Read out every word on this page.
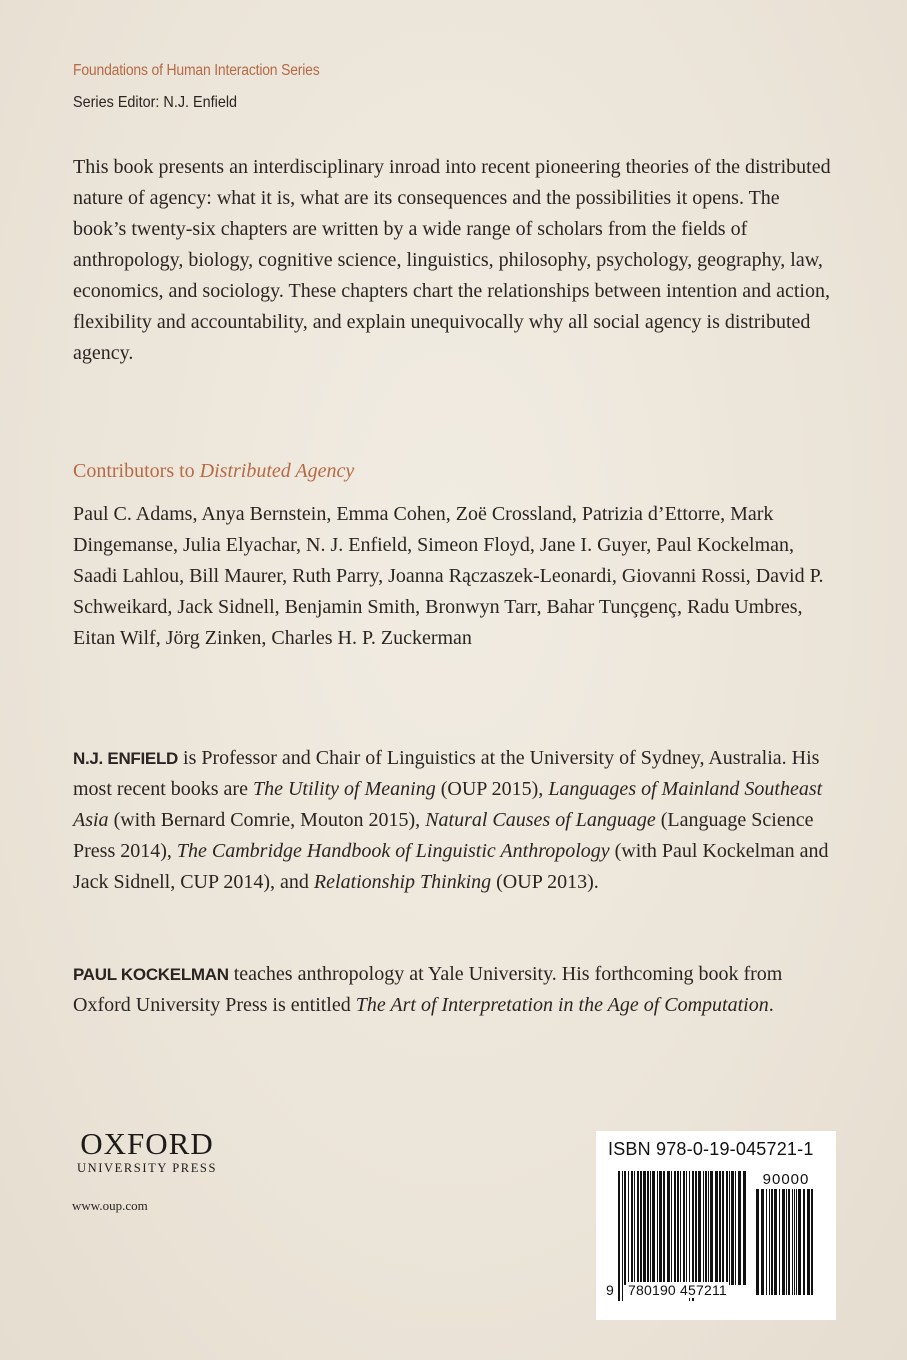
Foundations of Human Interaction Series
Series Editor: N.J. Enfield

This book presents an interdisciplinary inroad into recent pioneering theories of the distributed nature of agency: what it is, what are its consequences and the possibilities it opens. The book’s twenty-six chapters are written by a wide range of scholars from the fields of anthropology, biology, cognitive science, linguistics, philosophy, psychology, geography, law, economics, and sociology. These chapters chart the relationships between intention and action, flexibility and accountability, and explain unequivocally why all social agency is distributed agency.

Contributors to Distributed Agency

Paul C. Adams, Anya Bernstein, Emma Cohen, Zoë Crossland, Patrizia d’Ettorre, Mark Dingemanse, Julia Elyachar, N. J. Enfield, Simeon Floyd, Jane I. Guyer, Paul Kockelman, Saadi Lahlou, Bill Maurer, Ruth Parry, Joanna Rączaszek-Leonardi, Giovanni Rossi, David P. Schweikard, Jack Sidnell, Benjamin Smith, Bronwyn Tarr, Bahar Tunçgenç, Radu Umbres, Eitan Wilf, Jörg Zinken, Charles H. P. Zuckerman

N.J. ENFIELD is Professor and Chair of Linguistics at the University of Sydney, Australia. His most recent books are The Utility of Meaning (OUP 2015), Languages of Mainland Southeast Asia (with Bernard Comrie, Mouton 2015), Natural Causes of Language (Language Science Press 2014), The Cambridge Handbook of Linguistic Anthropology (with Paul Kockelman and Jack Sidnell, CUP 2014), and Relationship Thinking (OUP 2013).

PAUL KOCKELMAN teaches anthropology at Yale University. His forthcoming book from Oxford University Press is entitled The Art of Interpretation in the Age of Computation.

OXFORD
UNIVERSITY PRESS
www.oup.com
ISBN 978-0-19-045721-1
90000
9 780190 457211
